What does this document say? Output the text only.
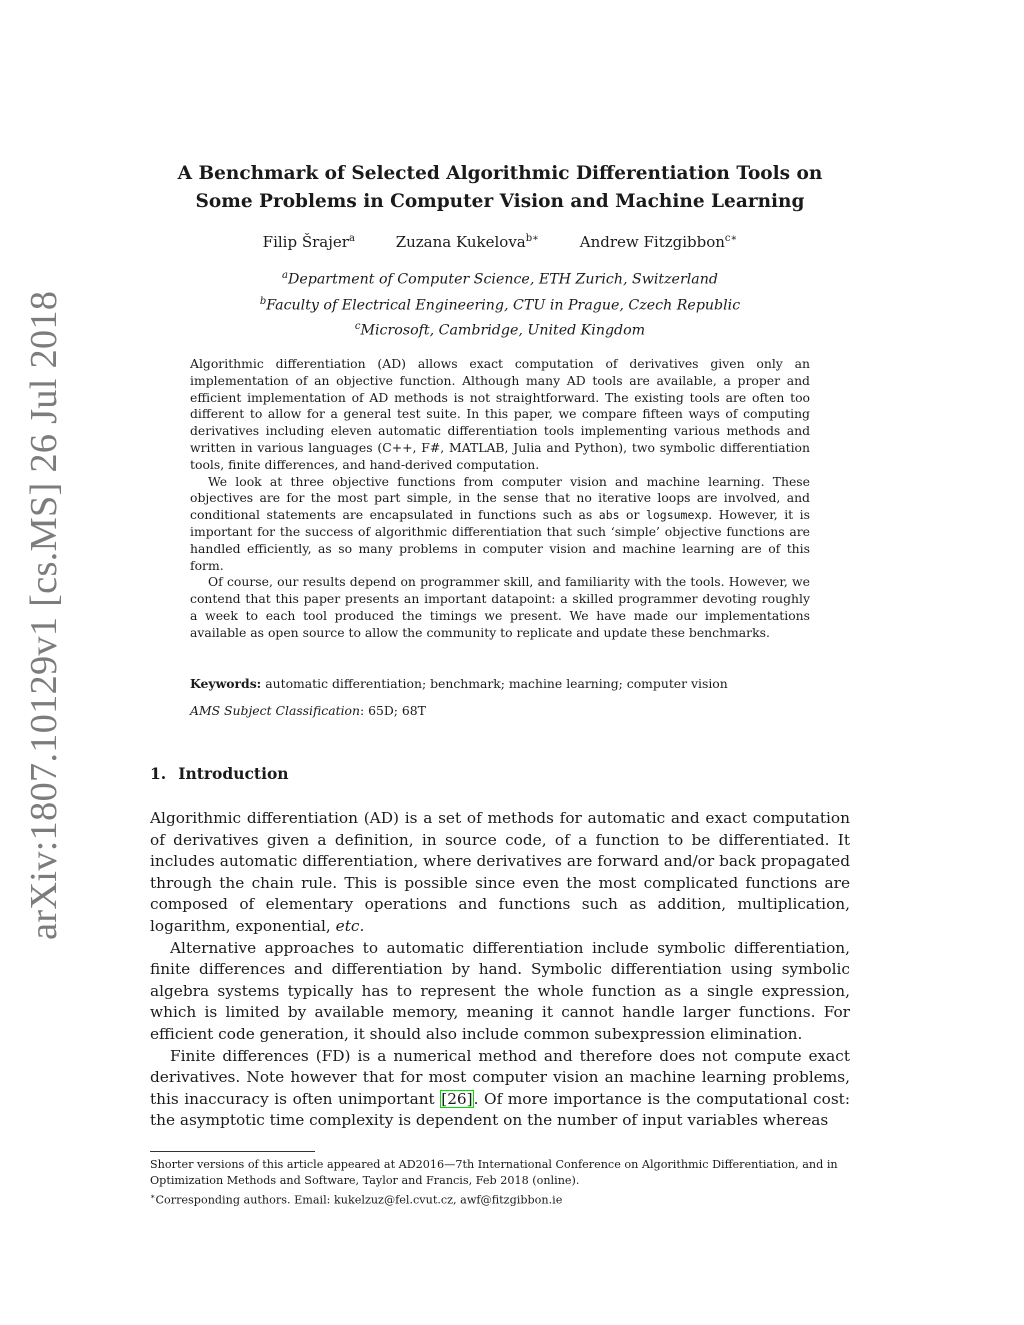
arXiv:1807.10129v1 [cs.MS] 26 Jul 2018
A Benchmark of Selected Algorithmic Differentiation Tools on
Some Problems in Computer Vision and Machine Learning
Filip Šrajer$^a$	Zuzana Kukelova$^{b∗}$	Andrew Fitzgibbon$^{c∗}$
$^a$Department of Computer Science, ETH Zurich, Switzerland
$^b$Faculty of Electrical Engineering, CTU in Prague, Czech Republic
$^c$Microsoft, Cambridge, United Kingdom

Algorithmic differentiation (AD) allows exact computation of derivatives given only an implementation of an objective function. Although many AD tools are available, a proper and efficient implementation of AD methods is not straightforward. The existing tools are often too different to allow for a general test suite. In this paper, we compare fifteen ways of computing derivatives including eleven automatic differentiation tools implementing various methods and written in various languages (C++, F#, MATLAB, Julia and Python), two symbolic differentiation tools, finite differences, and hand-derived computation.

We look at three objective functions from computer vision and machine learning. These objectives are for the most part simple, in the sense that no iterative loops are involved, and conditional statements are encapsulated in functions such as abs or logsumexp. However, it is important for the success of algorithmic differentiation that such ‘simple’ objective functions are handled efficiently, as so many problems in computer vision and machine learning are of this form.

Of course, our results depend on programmer skill, and familiarity with the tools. However, we contend that this paper presents an important datapoint: a skilled programmer devoting roughly a week to each tool produced the timings we present. We have made our implementations available as open source to allow the community to replicate and update these benchmarks.

Keywords: automatic differentiation; benchmark; machine learning; computer vision
AMS Subject Classification: 65D; 68T
1. Introduction

Algorithmic differentiation (AD) is a set of methods for automatic and exact computation of derivatives given a definition, in source code, of a function to be differentiated. It includes automatic differentiation, where derivatives are forward and/or back propagated through the chain rule. This is possible since even the most complicated functions are composed of elementary operations and functions such as addition, multiplication, logarithm, exponential, etc.

Alternative approaches to automatic differentiation include symbolic differentiation, finite differences and differentiation by hand. Symbolic differentiation using symbolic algebra systems typically has to represent the whole function as a single expression, which is limited by available memory, meaning it cannot handle larger functions. For efficient code generation, it should also include common subexpression elimination.

Finite differences (FD) is a numerical method and therefore does not compute exact derivatives. Note however that for most computer vision an machine learning problems, this inaccuracy is often unimportant [26]. Of more importance is the computational cost: the asymptotic time complexity is dependent on the number of input variables whereas

Shorter versions of this article appeared at AD2016—7th International Conference on Algorithmic Differentiation, and in Optimization Methods and Software, Taylor and Francis, Feb 2018 (online).

∗Corresponding authors. Email: kukelzuz@fel.cvut.cz, awf@fitzgibbon.ie
